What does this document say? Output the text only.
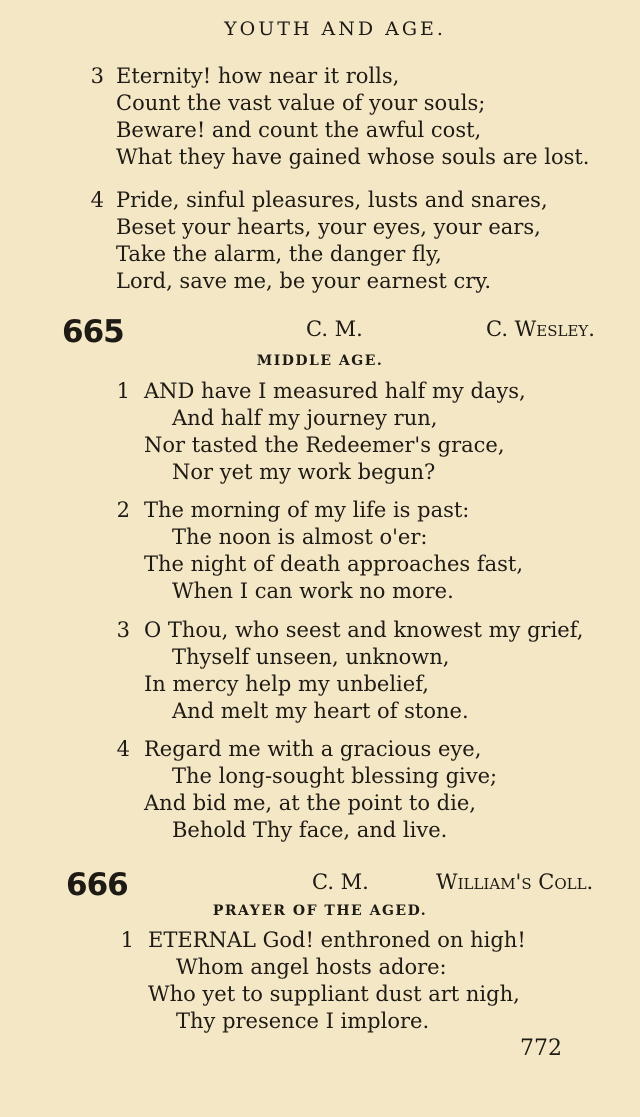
YOUTH AND AGE.
3 Eternity! how near it rolls,
Count the vast value of your souls;
Beware! and count the awful cost,
What they have gained whose souls are lost.
4 Pride, sinful pleasures, lusts and snares,
Beset your hearts, your eyes, your ears,
Take the alarm, the danger fly,
Lord, save me, be your earnest cry.
665	C. M.	C. Wesley.
MIDDLE AGE.
1 AND have I measured half my days,
And half my journey run,
Nor tasted the Redeemer's grace,
Nor yet my work begun?
2 The morning of my life is past:
The noon is almost o'er:
The night of death approaches fast,
When I can work no more.
3 O Thou, who seest and knowest my grief,
Thyself unseen, unknown,
In mercy help my unbelief,
And melt my heart of stone.
4 Regard me with a gracious eye,
The long-sought blessing give;
And bid me, at the point to die,
Behold Thy face, and live.
666	C. M.	William's Coll.
PRAYER OF THE AGED.
1 ETERNAL God! enthroned on high!
Whom angel hosts adore:
Who yet to suppliant dust art nigh,
Thy presence I implore.
772
